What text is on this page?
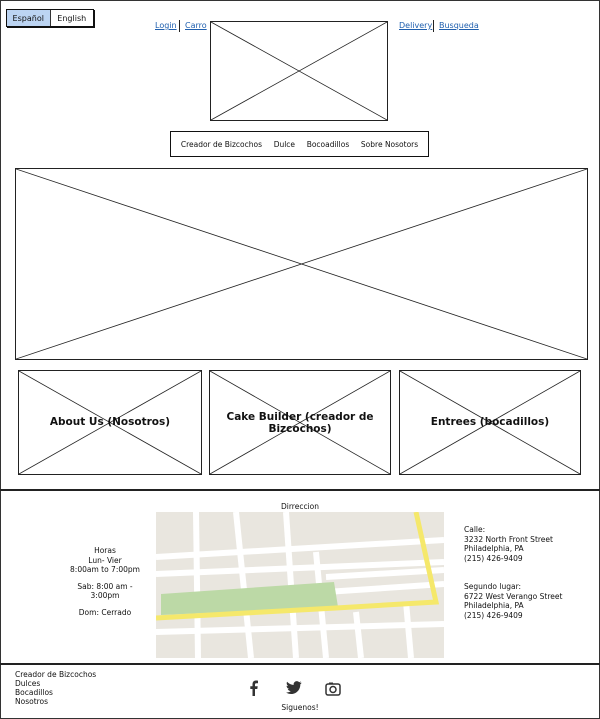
Español	English
Login Carro	Delivery Busqueda
Creador de Bizcochos Dulce Bocoadillos Sobre Nosotors
About Us (Nosotros)	Cake Builder (creador de Bizcochos)
Entrees (bocadillos)
Dirreccion
Horas
Lun- Vier
8:00am to 7:00pm
Sab: 8:00 am -
3:00pm
Dom: Cerrado
Calle:
3232 North Front Street
Philadelphia, PA
(215) 426-9409
Segundo lugar:
6722 West Verango Street
Philadelphia, PA
(215) 426-9409
Creador de Bizcochos
Dulces
Bocadillos
Nosotros
Siguenos!
